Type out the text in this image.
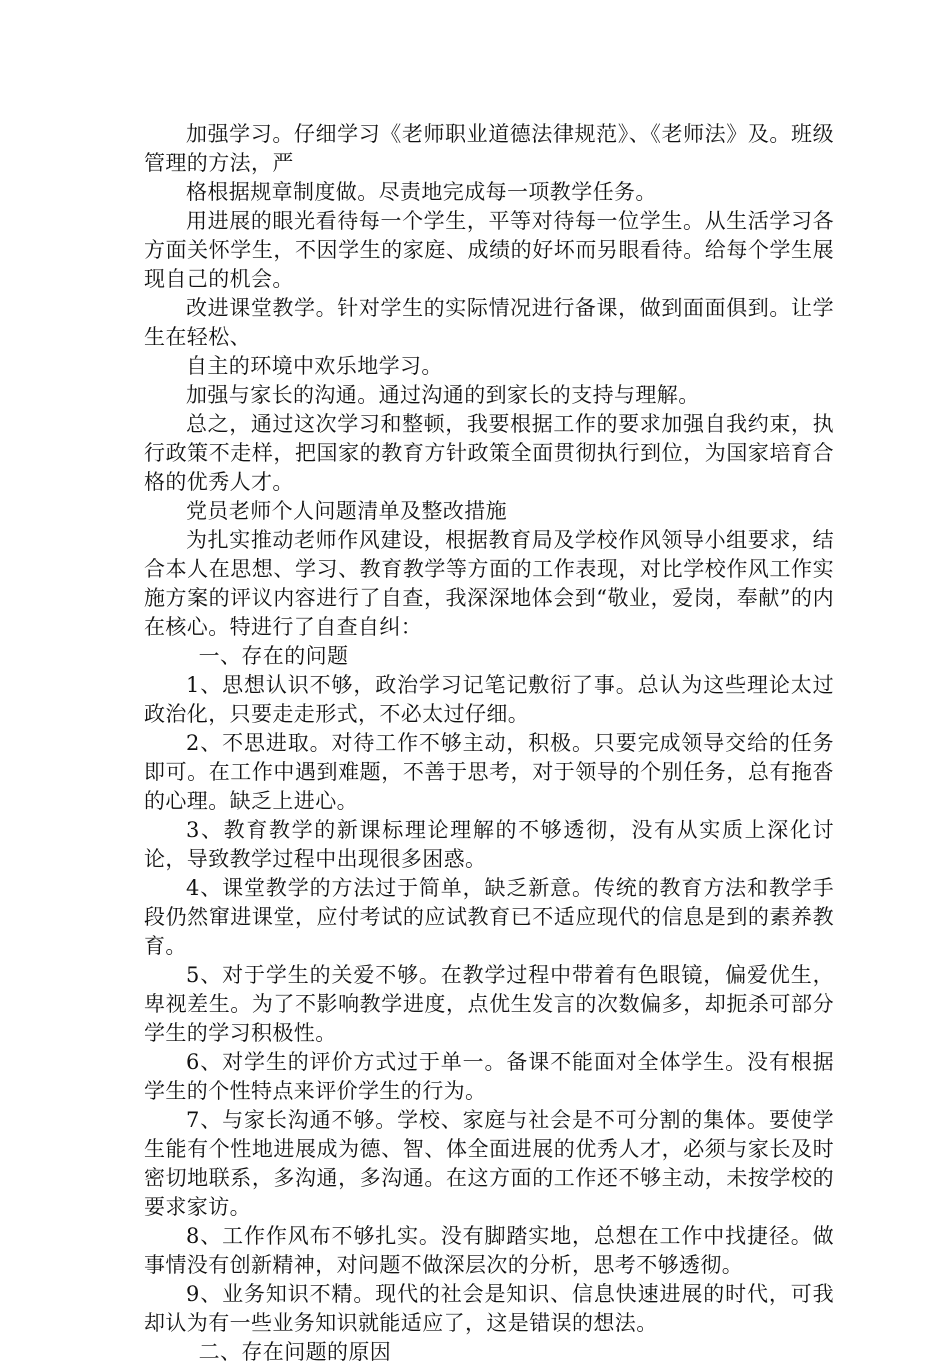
加强学习。仔细学习《老师职业道德法律规范》、《老师法》及。班级管理的方法，严

格根据规章制度做。尽责地完成每一项教学任务。

用进展的眼光看待每一个学生，平等对待每一位学生。从生活学习各方面关怀学生，不因学生的家庭、成绩的好坏而另眼看待。给每个学生展现自己的机会。

改进课堂教学。针对学生的实际情况进行备课，做到面面俱到。让学生在轻松、

自主的环境中欢乐地学习。

加强与家长的沟通。通过沟通的到家长的支持与理解。

总之，通过这次学习和整顿，我要根据工作的要求加强自我约束，执行政策不走样，把国家的教育方针政策全面贯彻执行到位，为国家培育合格的优秀人才。

党员老师个人问题清单及整改措施

为扎实推动老师作风建设，根据教育局及学校作风领导小组要求，结合本人在思想、学习、教育教学等方面的工作表现，对比学校作风工作实施方案的评议内容进行了自查，我深深地体会到“敬业，爱岗，奉献”的内在核心。特进行了自查自纠：

一、存在的问题

1、思想认识不够，政治学习记笔记敷衍了事。总认为这些理论太过政治化，只要走走形式，不必太过仔细。

2、不思进取。对待工作不够主动，积极。只要完成领导交给的任务即可。在工作中遇到难题，不善于思考，对于领导的个别任务，总有拖沓的心理。缺乏上进心。

3、教育教学的新课标理论理解的不够透彻，没有从实质上深化讨论，导致教学过程中出现很多困惑。

4、课堂教学的方法过于简单，缺乏新意。传统的教育方法和教学手段仍然窜进课堂，应付考试的应试教育已不适应现代的信息是到的素养教育。

5、对于学生的关爱不够。在教学过程中带着有色眼镜，偏爱优生，卑视差生。为了不影响教学进度，点优生发言的次数偏多，却扼杀可部分学生的学习积极性。

6、对学生的评价方式过于单一。备课不能面对全体学生。没有根据学生的个性特点来评价学生的行为。

7、与家长沟通不够。学校、家庭与社会是不可分割的集体。要使学生能有个性地进展成为德、智、体全面进展的优秀人才，必须与家长及时密切地联系，多沟通，多沟通。在这方面的工作还不够主动，未按学校的要求家访。

8、工作作风布不够扎实。没有脚踏实地，总想在工作中找捷径。做事情没有创新精神，对问题不做深层次的分析，思考不够透彻。

9、业务知识不精。现代的社会是知识、信息快速进展的时代，可我却认为有一些业务知识就能适应了，这是错误的想法。

二、存在问题的原因
